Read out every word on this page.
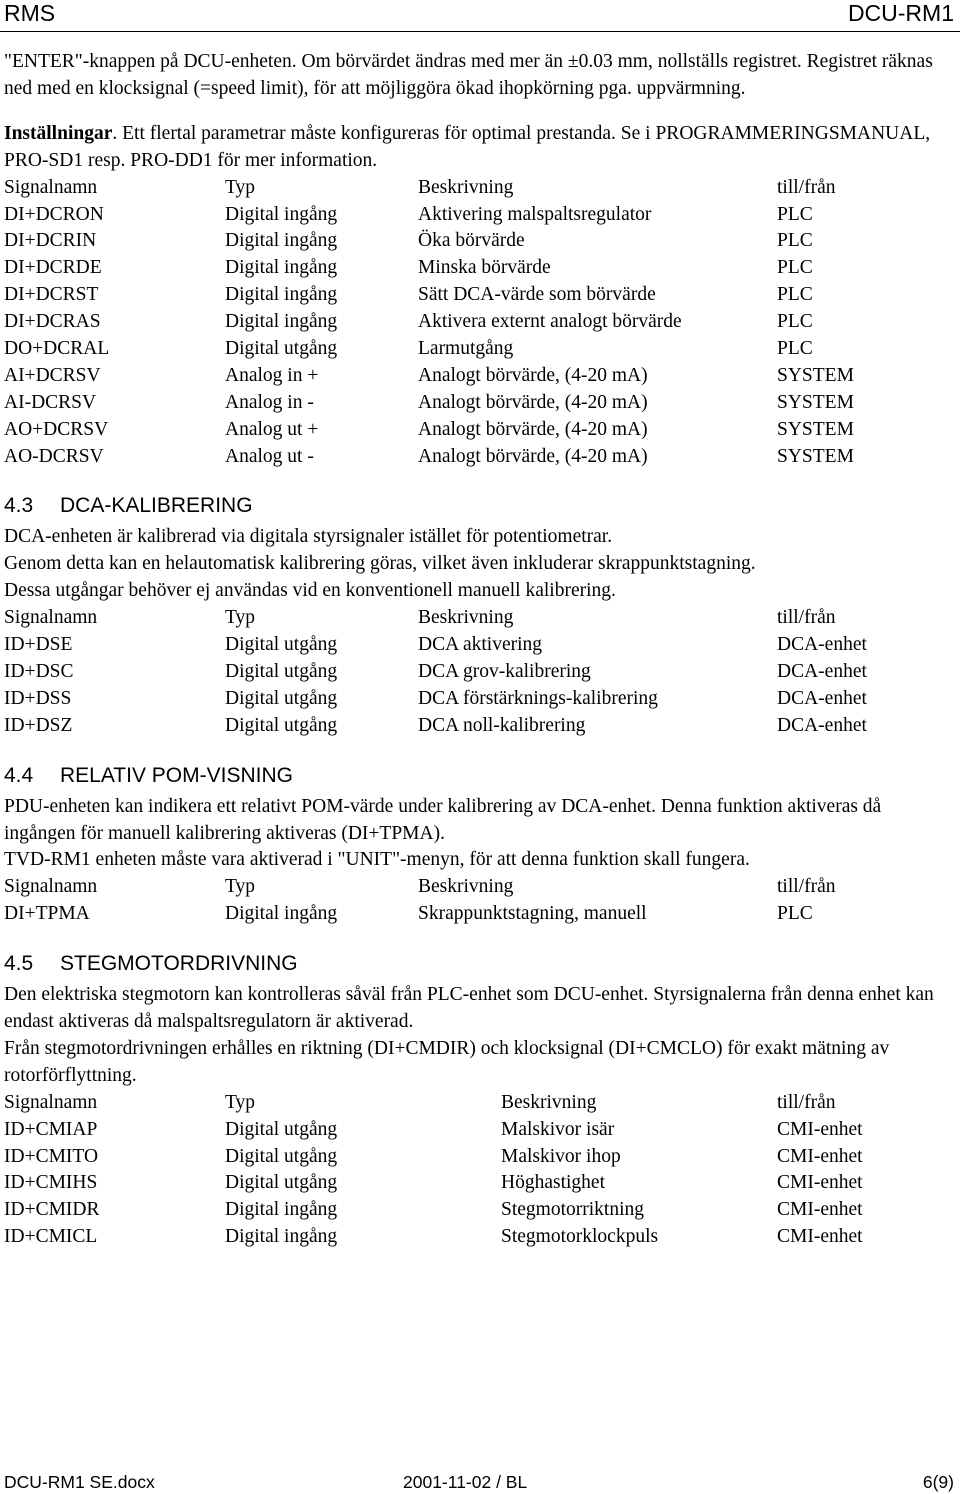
RMS	DCU-RM1

"ENTER"-knappen på DCU-enheten. Om börvärdet ändras med mer än ±0.03 mm, nollställs registret. Registret räknas ned med en klocksignal (=speed limit), för att möjliggöra ökad ihopkörning pga. uppvärmning.

Inställningar. Ett flertal parametrar måste konfigureras för optimal prestanda. Se i PROGRAMMERINGSMANUAL, PRO-SD1 resp. PRO-DD1 för mer information.

Signalnamn	Typ	Beskrivning	till/från
DI+DCRON	Digital ingång	Aktivering malspaltsregulator	PLC
DI+DCRIN	Digital ingång	Öka börvärde	PLC
DI+DCRDE	Digital ingång	Minska börvärde	PLC
DI+DCRST	Digital ingång	Sätt DCA-värde som börvärde	PLC
DI+DCRAS	Digital ingång	Aktivera externt analogt börvärde	PLC
DO+DCRAL	Digital utgång	Larmutgång	PLC
AI+DCRSV	Analog in +	Analogt börvärde, (4-20 mA)	SYSTEM
AI-DCRSV	Analog in -	Analogt börvärde, (4-20 mA)	SYSTEM
AO+DCRSV	Analog ut +	Analogt börvärde, (4-20 mA)	SYSTEM
AO-DCRSV	Analog ut -	Analogt börvärde, (4-20 mA)	SYSTEM
4.3 DCA-KALIBRERING

DCA-enheten är kalibrerad via digitala styrsignaler istället för potentiometrar.

Genom detta kan en helautomatisk kalibrering göras, vilket även inkluderar skrappunktstagning.

Dessa utgångar behöver ej användas vid en konventionell manuell kalibrering.

Signalnamn	Typ	Beskrivning	till/från
ID+DSE	Digital utgång	DCA aktivering	DCA-enhet
ID+DSC	Digital utgång	DCA grov-kalibrering	DCA-enhet
ID+DSS	Digital utgång	DCA förstärknings-kalibrering	DCA-enhet
ID+DSZ	Digital utgång	DCA noll-kalibrering	DCA-enhet
4.4 RELATIV POM-VISNING

PDU-enheten kan indikera ett relativt POM-värde under kalibrering av DCA-enhet. Denna funktion aktiveras då ingången för manuell kalibrering aktiveras (DI+TPMA).

TVD-RM1 enheten måste vara aktiverad i "UNIT"-menyn, för att denna funktion skall fungera.

Signalnamn	Typ	Beskrivning	till/från
DI+TPMA	Digital ingång	Skrappunktstagning, manuell	PLC
4.5 STEGMOTORDRIVNING

Den elektriska stegmotorn kan kontrolleras såväl från PLC-enhet som DCU-enhet. Styrsignalerna från denna enhet kan endast aktiveras då malspaltsregulatorn är aktiverad.

Från stegmotordrivningen erhålles en riktning (DI+CMDIR) och klocksignal (DI+CMCLO) för exakt mätning av rotorförflyttning.

Signalnamn	Typ	Beskrivning	till/från
ID+CMIAP	Digital utgång	Malskivor isär	CMI-enhet
ID+CMITO	Digital utgång	Malskivor ihop	CMI-enhet
ID+CMIHS	Digital utgång	Höghastighet	CMI-enhet
ID+CMIDR	Digital ingång	Stegmotorriktning	CMI-enhet
ID+CMICL	Digital ingång	Stegmotorklockpuls	CMI-enhet
DCU-RM1 SE.docx	2001-11-02 / BL	6(9)
